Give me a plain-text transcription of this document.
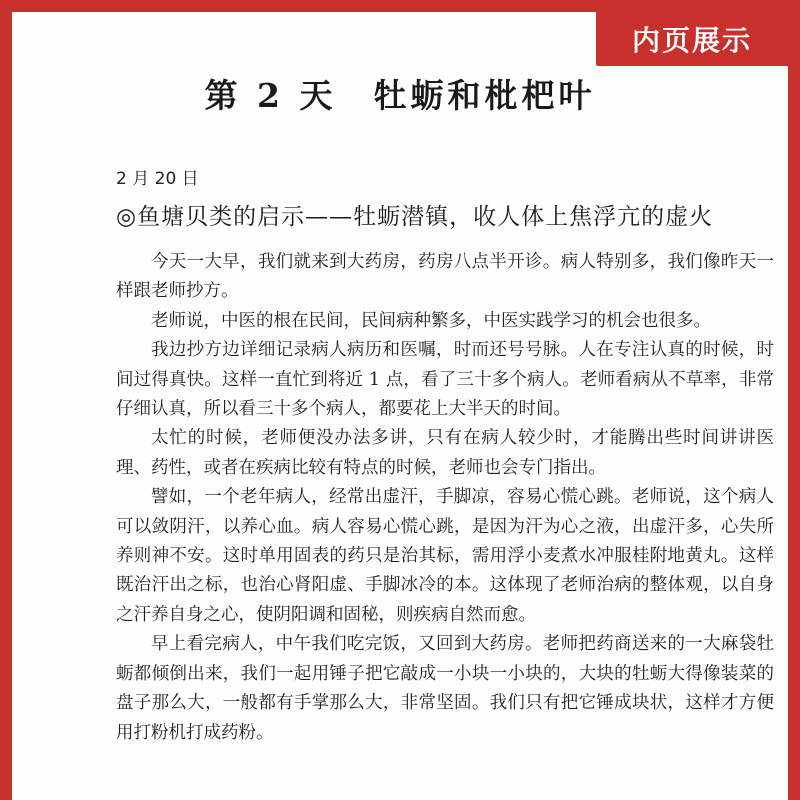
内页展示
第 2 天　牡蛎和枇杷叶
2 月 20 日
◎鱼塘贝类的启示——牡蛎潜镇，收人体上焦浮亢的虚火

今天一大早，我们就来到大药房，药房八点半开诊。病人特别多，我们像昨天一样跟老师抄方。

老师说，中医的根在民间，民间病种繁多，中医实践学习的机会也很多。

我边抄方边详细记录病人病历和医嘱，时而还号号脉。人在专注认真的时候，时间过得真快。这样一直忙到将近 1 点，看了三十多个病人。老师看病从不草率，非常仔细认真，所以看三十多个病人，都要花上大半天的时间。

太忙的时候，老师便没办法多讲，只有在病人较少时，才能腾出些时间讲讲医理、药性，或者在疾病比较有特点的时候，老师也会专门指出。

譬如，一个老年病人，经常出虚汗，手脚凉，容易心慌心跳。老师说，这个病人可以敛阴汗，以养心血。病人容易心慌心跳，是因为汗为心之液，出虚汗多，心失所养则神不安。这时单用固表的药只是治其标，需用浮小麦煮水冲服桂附地黄丸。这样既治汗出之标，也治心肾阳虚、手脚冰冷的本。这体现了老师治病的整体观，以自身之汗养自身之心，使阴阳调和固秘，则疾病自然而愈。

早上看完病人，中午我们吃完饭，又回到大药房。老师把药商送来的一大麻袋牡蛎都倾倒出来，我们一起用锤子把它敲成一小块一小块的，大块的牡蛎大得像装菜的盘子那么大，一般都有手掌那么大，非常坚固。我们只有把它锤成块状，这样才方便用打粉机打成药粉。
